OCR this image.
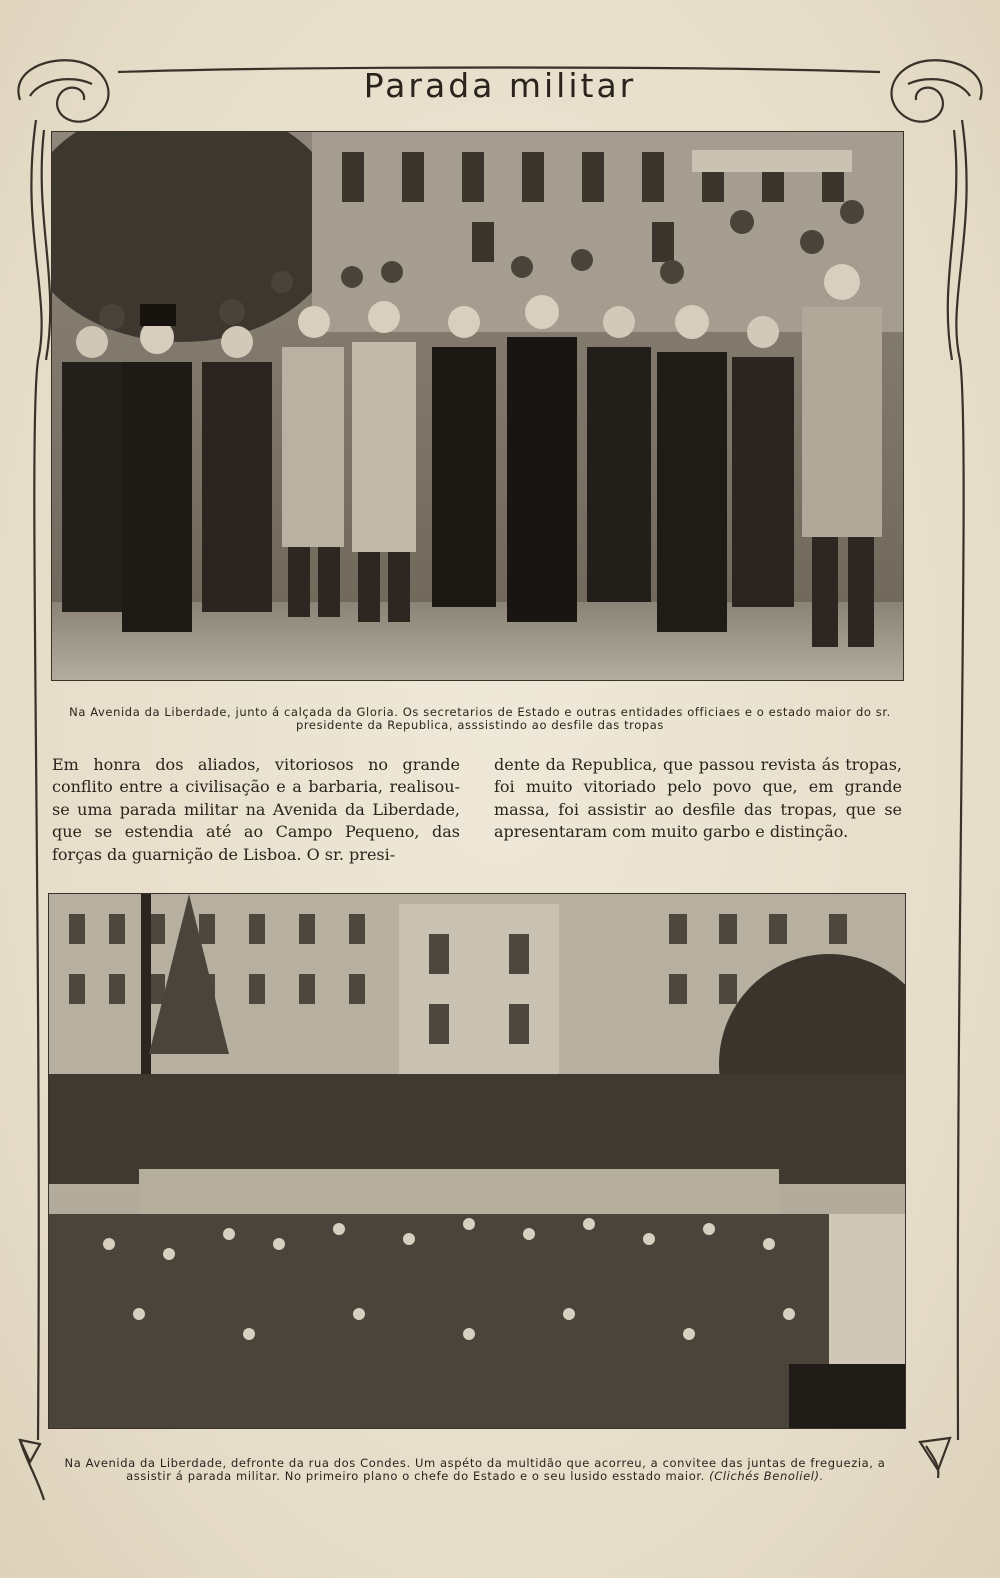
Parada militar

Na Avenida da Liberdade, junto á calçada da Gloria. Os secretarios de Estado e outras entidades officiaes e o estado maior do sr. presidente da Republica, asssistindo ao desfile das tropas

Em honra dos aliados, vitoriosos no grande conflito entre a civilisação e a barbaria, realisou-se uma parada militar na Avenida da Liberdade, que se estendia até ao Campo Pequeno, das forças da guarnição de Lisboa. O sr. presi-

dente da Republica, que passou revista ás tropas, foi muito vitoriado pelo povo que, em grande massa, foi assistir ao desfile das tropas, que se apresentaram com muito garbo e distinção.

Na Avenida da Liberdade, defronte da rua dos Condes. Um aspéto da multidão que acorreu, a convitee das juntas de freguezia, a assistir á parada militar. No primeiro plano o chefe do Estado e o seu lusido esstado maior. (Clichés Benoliel).
